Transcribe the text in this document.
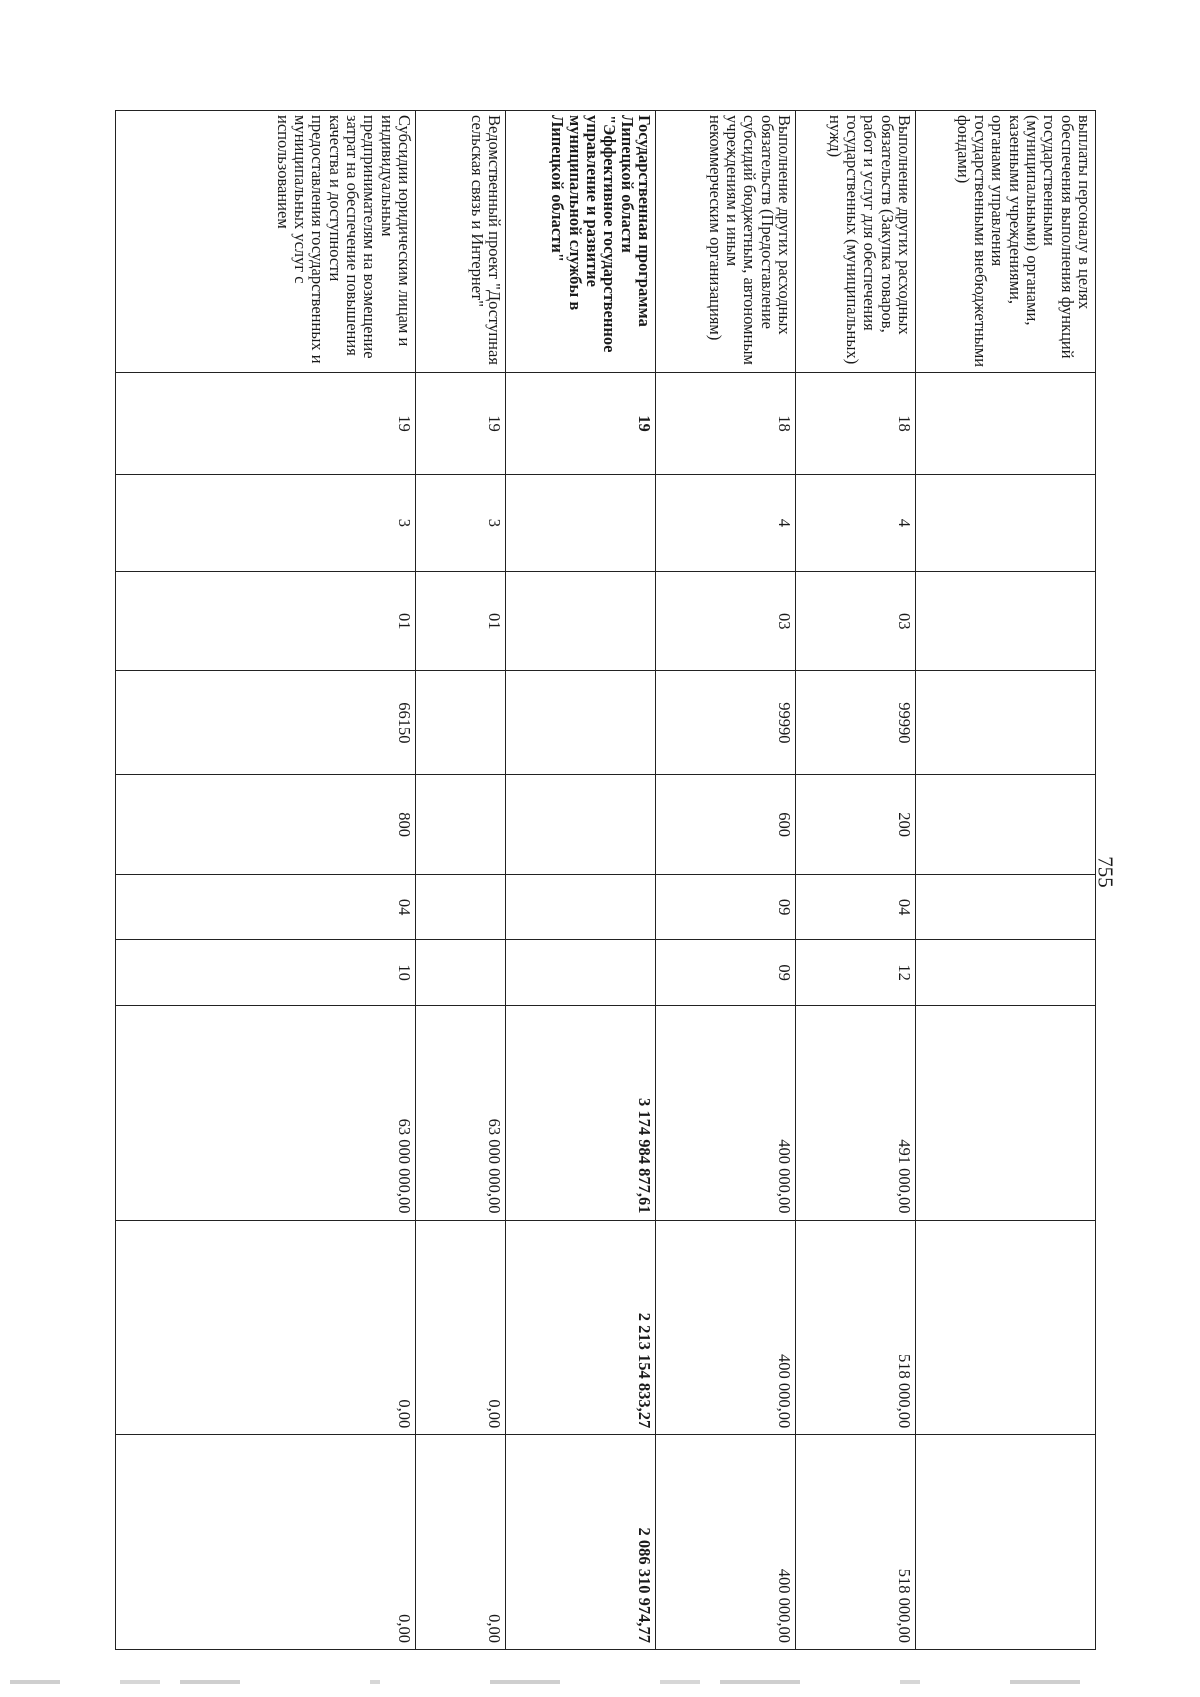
755
выплаты персоналу в целях обеспечения выполнения функций государственными (муниципальными) органами, казенными учреждениями, органами управления государственными внебюджетными фондами)										

Выполнение других расходных обязательств (Закупка товаров, работ и услуг для обеспечения государственных (муниципальных) нужд)	18	4	03	99990	200	04	12	491 000,00	518 000,00	518 000,00

Выполнение других расходных обязательств (Предоставление субсидий бюджетным, автономным учреждениям и иным некоммерческим организациям)	18	4	03	99990	600	09	09	400 000,00	400 000,00	400 000,00

Государственная программа Липецкой области "Эффективное государственное управление и развитие муниципальной службы в Липецкой области"	19							3 174 984 877,61	2 213 154 833,27	2 086 310 974,77

Ведомственный проект "Доступная сельская связь и Интернет"	19	3	01					63 000 000,00	0,00	0,00

Субсидии юридическим лицам и индивидуальным предпринимателям на возмещение затрат на обеспечение повышения качества и доступности предоставления государственных и муниципальных услуг с использованием	19	3	01	66150	800	04	10	63 000 000,00	0,00	0,00
